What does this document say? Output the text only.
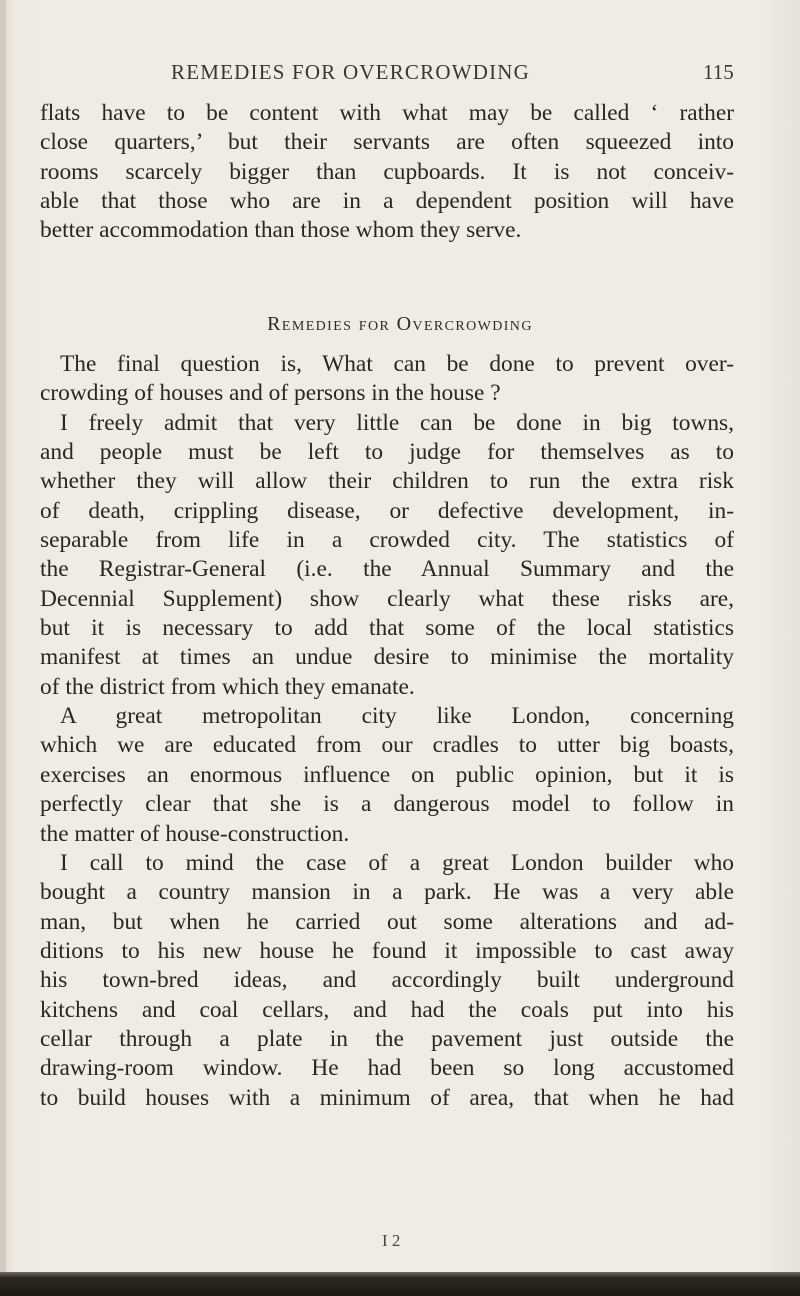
REMEDIES FOR OVERCROWDING	115
flats have to be content with what may be called ‘ rather
close quarters,’ but their servants are often squeezed into
rooms scarcely bigger than cupboards. It is not conceiv-
able that those who are in a dependent position will have
better accommodation than those whom they serve.
Remedies for Overcrowding
The final question is, What can be done to prevent over-
crowding of houses and of persons in the house ?
I freely admit that very little can be done in big towns,
and people must be left to judge for themselves as to
whether they will allow their children to run the extra risk
of death, crippling disease, or defective development, in-
separable from life in a crowded city. The statistics of
the Registrar-General (i.e. the Annual Summary and the
Decennial Supplement) show clearly what these risks are,
but it is necessary to add that some of the local statistics
manifest at times an undue desire to minimise the mortality
of the district from which they emanate.
A great metropolitan city like London, concerning
which we are educated from our cradles to utter big boasts,
exercises an enormous influence on public opinion, but it is
perfectly clear that she is a dangerous model to follow in
the matter of house-construction.
I call to mind the case of a great London builder who
bought a country mansion in a park. He was a very able
man, but when he carried out some alterations and ad-
ditions to his new house he found it impossible to cast away
his town-bred ideas, and accordingly built underground
kitchens and coal cellars, and had the coals put into his
cellar through a plate in the pavement just outside the
drawing-room window. He had been so long accustomed
to build houses with a minimum of area, that when he had
I 2
